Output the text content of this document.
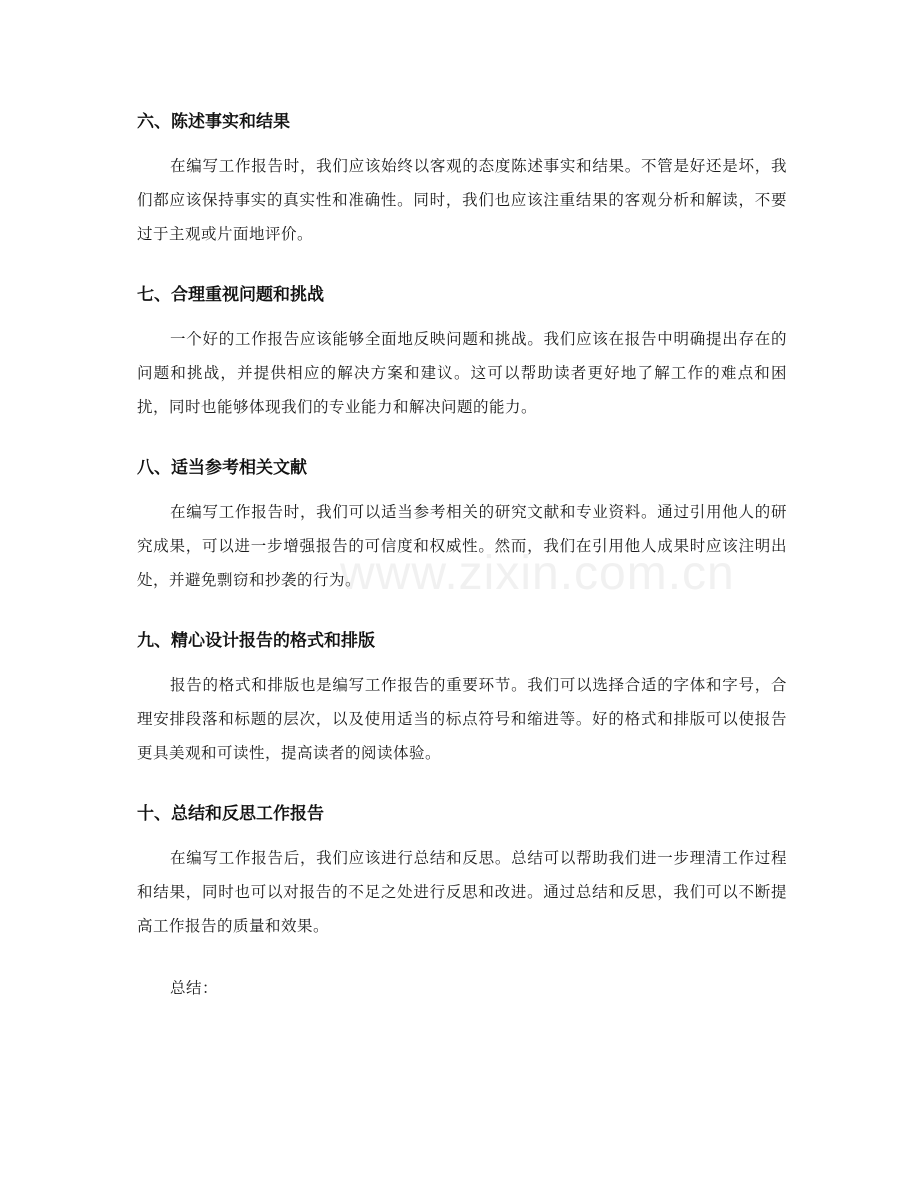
六、陈述事实和结果

在编写工作报告时，我们应该始终以客观的态度陈述事实和结果。不管是好还是坏，我们都应该保持事实的真实性和准确性。同时，我们也应该注重结果的客观分析和解读，不要过于主观或片面地评价。

七、合理重视问题和挑战

一个好的工作报告应该能够全面地反映问题和挑战。我们应该在报告中明确提出存在的问题和挑战，并提供相应的解决方案和建议。这可以帮助读者更好地了解工作的难点和困扰，同时也能够体现我们的专业能力和解决问题的能力。

八、适当参考相关文献

在编写工作报告时，我们可以适当参考相关的研究文献和专业资料。通过引用他人的研究成果，可以进一步增强报告的可信度和权威性。然而，我们在引用他人成果时应该注明出处，并避免剽窃和抄袭的行为。

九、精心设计报告的格式和排版

报告的格式和排版也是编写工作报告的重要环节。我们可以选择合适的字体和字号，合理安排段落和标题的层次，以及使用适当的标点符号和缩进等。好的格式和排版可以使报告更具美观和可读性，提高读者的阅读体验。

十、总结和反思工作报告

在编写工作报告后，我们应该进行总结和反思。总结可以帮助我们进一步理清工作过程和结果，同时也可以对报告的不足之处进行反思和改进。通过总结和反思，我们可以不断提高工作报告的质量和效果。

总结：

www.zixin.com.cn
